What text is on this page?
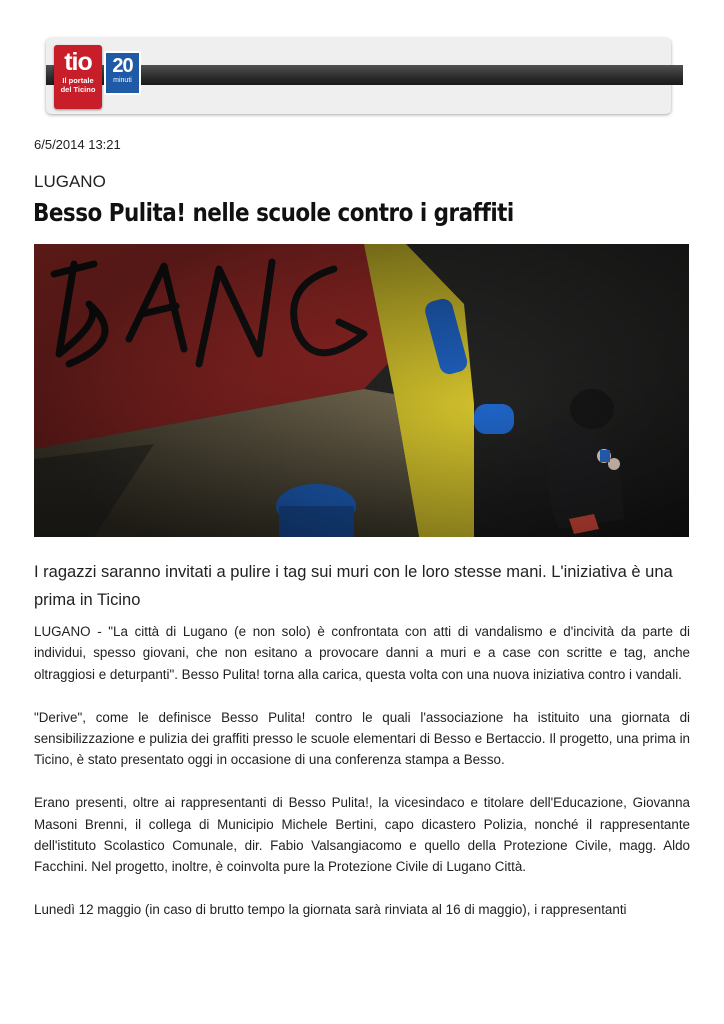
tio
Il portale
del Ticino
20
minuti
6/5/2014 13:21
LUGANO
Besso Pulita! nelle scuole contro i graffiti
I ragazzi saranno invitati a pulire i tag sui muri con le loro stesse mani. L'iniziativa è una prima in Ticino

LUGANO - "La città di Lugano (e non solo) è confrontata con atti di vandalismo e d'incività da parte di individui, spesso giovani, che non esitano a provocare danni a muri e a case con scritte e tag, anche oltraggiosi e deturpanti". Besso Pulita! torna alla carica, questa volta con una nuova iniziativa contro i vandali.

"Derive", come le definisce Besso Pulita! contro le quali l'associazione ha istituito una giornata di sensibilizzazione e pulizia dei graffiti presso le scuole elementari di Besso e Bertaccio. Il progetto, una prima in Ticino, è stato presentato oggi in occasione di una conferenza stampa a Besso.

Erano presenti, oltre ai rappresentanti di Besso Pulita!, la vicesindaco e titolare dell'Educazione, Giovanna Masoni Brenni, il collega di Municipio Michele Bertini, capo dicastero Polizia, nonché il rappresentante dell'istituto Scolastico Comunale, dir. Fabio Valsangiacomo e quello della Protezione Civile, magg. Aldo Facchini. Nel progetto, inoltre, è coinvolta pure la Protezione Civile di Lugano Città.

Lunedì 12 maggio (in caso di brutto tempo la giornata sarà rinviata al 16 di maggio), i rappresentanti
